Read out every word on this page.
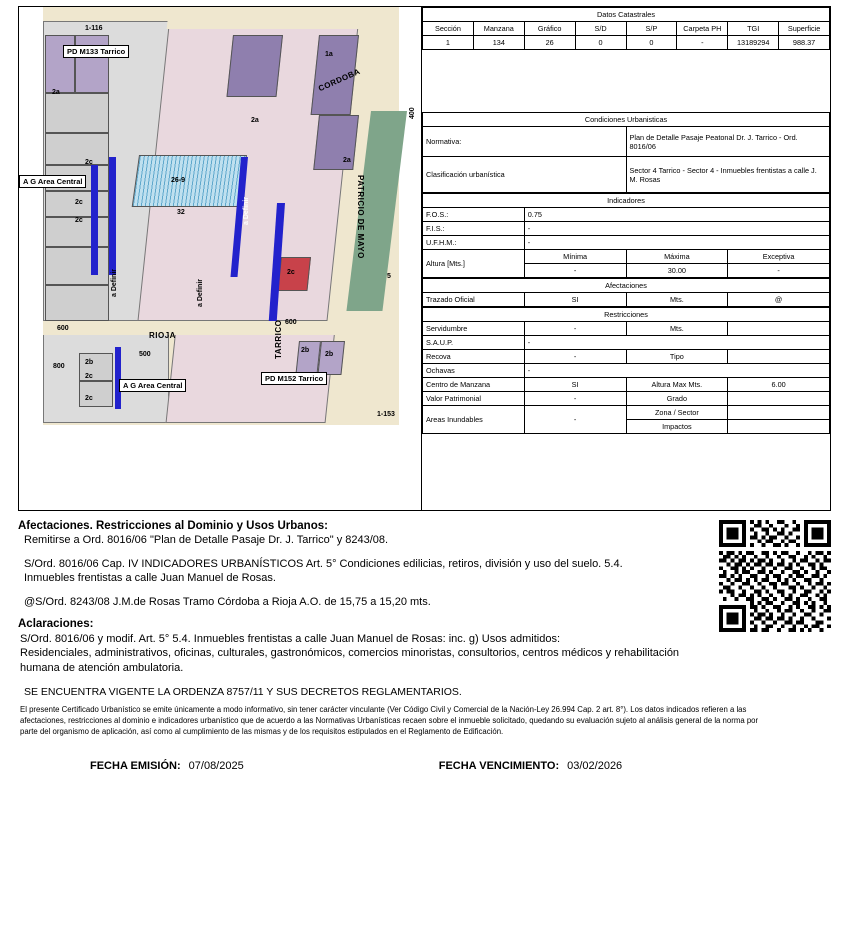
CORDOBA
RIOJA	TARRICO
PATRICIO DE MAYO
PD M133 Tarrico
PD M152 Tarrico
A G Area Central
A G Area Central
1-116
1a
2a
2a
2a
2c
2c
2c
2c
2b
2b
2b
2c
2c
26-9
32
5
400
600
500
800
600
1-153
a Definir
a Definir
a Definir
Datos Catastrales							
Sección	Manzana	Gráfico	S/D	S/P	Carpeta PH	TGI	Superficie
1	134	26	0	0	-	13189294	988.37
Condiciones Urbanisticas	
Normativa:	Plan de Detalle Pasaje Peatonal Dr. J. Tarrico - Ord. 8016/06
Clasificación urbanística	Sector 4 Tarrico - Sector 4 - Inmuebles frentistas a calle J. M. Rosas
Indicadores			
F.O.S.:	0.75		
F.I.S.:	-		
U.F.H.M.:	-		
Altura [Mts.]	Mínima	Máxima	Exceptiva
	-	30.00	-
Afectaciones
Trazado Oficial	SI	Mts.	@
Restricciones			
Servidumbre	-	Mts.	
S.A.U.P.	-		
Recova	-	Tipo	
Ochavas	-		
Centro de Manzana	SI	Altura Max Mts.	6.00
Valor Patrimonial	-	Grado	
Areas Inundables	-	Zona / Sector	
		Impactos	

Afectaciones. Restricciones al Dominio y Usos Urbanos:

Remitirse a Ord. 8016/06 "Plan de Detalle Pasaje Dr. J. Tarrico" y 8243/08.

S/Ord. 8016/06 Cap. IV INDICADORES URBANÍSTICOS Art. 5° Condiciones edilicias, retiros, división y uso del suelo. 5.4.

Inmuebles frentistas a calle Juan Manuel de Rosas.

@S/Ord. 8243/08 J.M.de Rosas Tramo Córdoba a Rioja A.O. de 15,75 a 15,20 mts.

Aclaraciones:

S/Ord. 8016/06 y modif. Art. 5° 5.4. Inmuebles frentistas a calle Juan Manuel de Rosas: inc. g) Usos admitidos:

Residenciales, administrativos, oficinas, culturales, gastronómicos, comercios minoristas, consultorios, centros médicos y rehabilitación humana de atención ambulatoria.

SE ENCUENTRA VIGENTE LA ORDENZA 8757/11 Y SUS DECRETOS REGLAMENTARIOS.

El presente Certificado Urbanístico se emite únicamente a modo informativo, sin tener carácter vinculante (Ver Código Civil y Comercial de la Nación-Ley 26.994 Cap. 2 art. 8°). Los datos indicados refieren a las

afectaciones, restricciones al dominio e indicadores urbanístico que de acuerdo a las Normativas Urbanísticas recaen sobre el inmueble solicitado, quedando su evaluación sujeto al análisis general de la norma por

parte del organismo de aplicación, así como al cumplimiento de las mismas y de los requisitos estipulados en el Reglamento de Edificación.

FECHA EMISIÓN: 07/08/2025	FECHA VENCIMIENTO: 03/02/2026
